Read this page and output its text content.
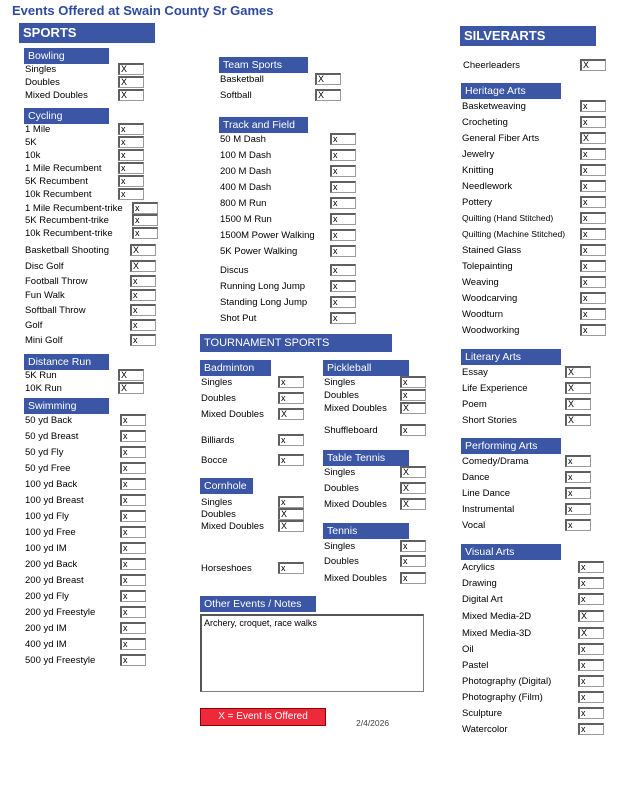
Events Offered at Swain County Sr Games
SPORTS	SILVERARTS
TOURNAMENT SPORTS
Other Events / Notes
Archery, croquet, race walks
X = Event is Offered
2/4/2026
Bowling
Singles	X
Doubles	X
Mixed Doubles	X
Cycling
1 Mile	x
5K	x
10k	x
1 Mile Recumbent	x
5K Recumbent	x
10k Recumbent	x
1 Mile Recumbent-trike	x
5K Recumbent-trike	x
10k Recumbent-trike	x
Basketball Shooting	X
Disc Golf	X
Football Throw	x
Fun Walk	x
Softball Throw	x
Golf	x
Mini Golf	x
Distance Run
5K Run	X
10K Run	X
Swimming
50 yd Back	x
50 yd Breast	x
50 yd Fly	x
50 yd Free	x
100 yd Back	x
100 yd Breast	x
100 yd Fly	x
100 yd Free	x
100 yd IM	x
200 yd Back	x
200 yd Breast	x
200 yd Fly	x
200 yd Freestyle	x
200 yd IM	x
400 yd IM	x
500 yd Freestyle	x
Team Sports
Basketball	X
Softball	X
Track and Field
50 M Dash	x
100 M Dash	x
200 M Dash	x
400 M Dash	x
800 M Run	x
1500 M Run	x
1500M Power Walking	x
5K Power Walking	x
Discus	x
Running Long Jump	x
Standing Long Jump	x
Shot Put	x
Badminton
Singles	x
Doubles	x
Mixed Doubles	X
Billiards	x
Bocce	x
Cornhole
Singles	x
Doubles	X
Mixed Doubles	X
Horseshoes	x
Pickleball
Singles	x
Doubles	x
Mixed Doubles	X
Shuffleboard	x
Table Tennis
Singles	X
Doubles	X
Mixed Doubles	X
Tennis
Singles	x
Doubles	x
Mixed Doubles	x
Cheerleaders	X
Heritage Arts
Basketweaving	x
Crocheting	x
General Fiber Arts	X
Jewelry	x
Knitting	x
Needlework	x
Pottery	x
Quilting (Hand Stitched)	x
Quilting (Machine Stitched)	x
Stained Glass	x
Tolepainting	x
Weaving	x
Woodcarving	x
Woodturn	x
Woodworking	x
Literary Arts
Essay	X
Life Experience	X
Poem	X
Short Stories	X
Performing Arts
Comedy/Drama	x
Dance	x
Line Dance	x
Instrumental	x
Vocal	x
Visual Arts
Acrylics	x
Drawing	x
Digital Art	x
Mixed Media-2D	X
Mixed Media-3D	X
Oil	x
Pastel	x
Photography (Digital)	x
Photography (Film)	x
Sculpture	x
Watercolor	x
